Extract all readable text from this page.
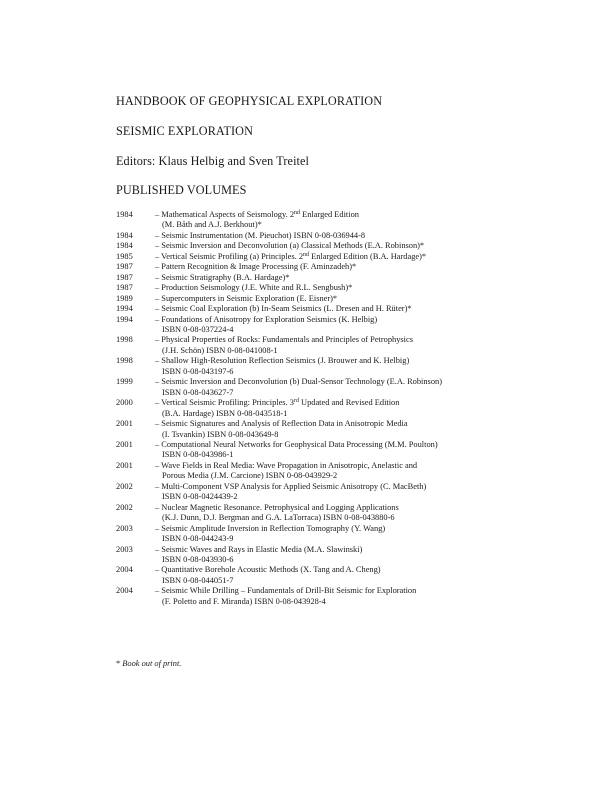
HANDBOOK OF GEOPHYSICAL EXPLORATION
SEISMIC EXPLORATION
Editors: Klaus Helbig and Sven Treitel
PUBLISHED VOLUMES
1984	– Mathematical Aspects of Seismology. 2nd Enlarged Edition
(M. Båth and A.J. Berkhout)*
1984	– Seismic Instrumentation (M. Pieuchot) ISBN 0-08-036944-8
1984	– Seismic Inversion and Deconvolution (a) Classical Methods (E.A. Robinson)*
1985	– Vertical Seismic Profiling (a) Principles. 2nd Enlarged Edition (B.A. Hardage)*
1987	– Pattern Recognition & Image Processing (F. Aminzadeh)*
1987	– Seismic Stratigraphy (B.A. Hardage)*
1987	– Production Seismology (J.E. White and R.L. Sengbush)*
1989	– Supercomputers in Seismic Exploration (E. Eisner)*
1994	– Seismic Coal Exploration (b) In-Seam Seismics (L. Dresen and H. Rüter)*
1994	– Foundations of Anisotropy for Exploration Seismics (K. Helbig)
ISBN 0-08-037224-4
1998	– Physical Properties of Rocks: Fundamentals and Principles of Petrophysics
(J.H. Schön) ISBN 0-08-041008-1
1998	– Shallow High-Resolution Reflection Seismics (J. Brouwer and K. Helbig)
ISBN 0-08-043197-6
1999	– Seismic Inversion and Deconvolution (b) Dual-Sensor Technology (E.A. Robinson)
ISBN 0-08-043627-7
2000	– Vertical Seismic Profiling: Principles. 3rd Updated and Revised Edition
(B.A. Hardage) ISBN 0-08-043518-1
2001	– Seismic Signatures and Analysis of Reflection Data in Anisotropic Media
(I. Tsvankin) ISBN 0-08-043649-8
2001	– Computational Neural Networks for Geophysical Data Processing (M.M. Poulton)
ISBN 0-08-043986-1
2001	– Wave Fields in Real Media: Wave Propagation in Anisotropic, Anelastic and
Porous Media (J.M. Carcione) ISBN 0-08-043929-2
2002	– Multi-Component VSP Analysis for Applied Seismic Anisotropy (C. MacBeth)
ISBN 0-08-0424439-2
2002	– Nuclear Magnetic Resonance. Petrophysical and Logging Applications
(K.J. Dunn, D.J. Bergman and G.A. LaTorraca) ISBN 0-08-043880-6
2003	– Seismic Amplitude Inversion in Reflection Tomography (Y. Wang)
ISBN 0-08-044243-9
2003	– Seismic Waves and Rays in Elastic Media (M.A. Slawinski)
ISBN 0-08-043930-6
2004	– Quantitative Borehole Acoustic Methods (X. Tang and A. Cheng)
ISBN 0-08-044051-7
2004	– Seismic While Drilling – Fundamentals of Drill-Bit Seismic for Exploration
(F. Poletto and F. Miranda) ISBN 0-08-043928-4
* Book out of print.
